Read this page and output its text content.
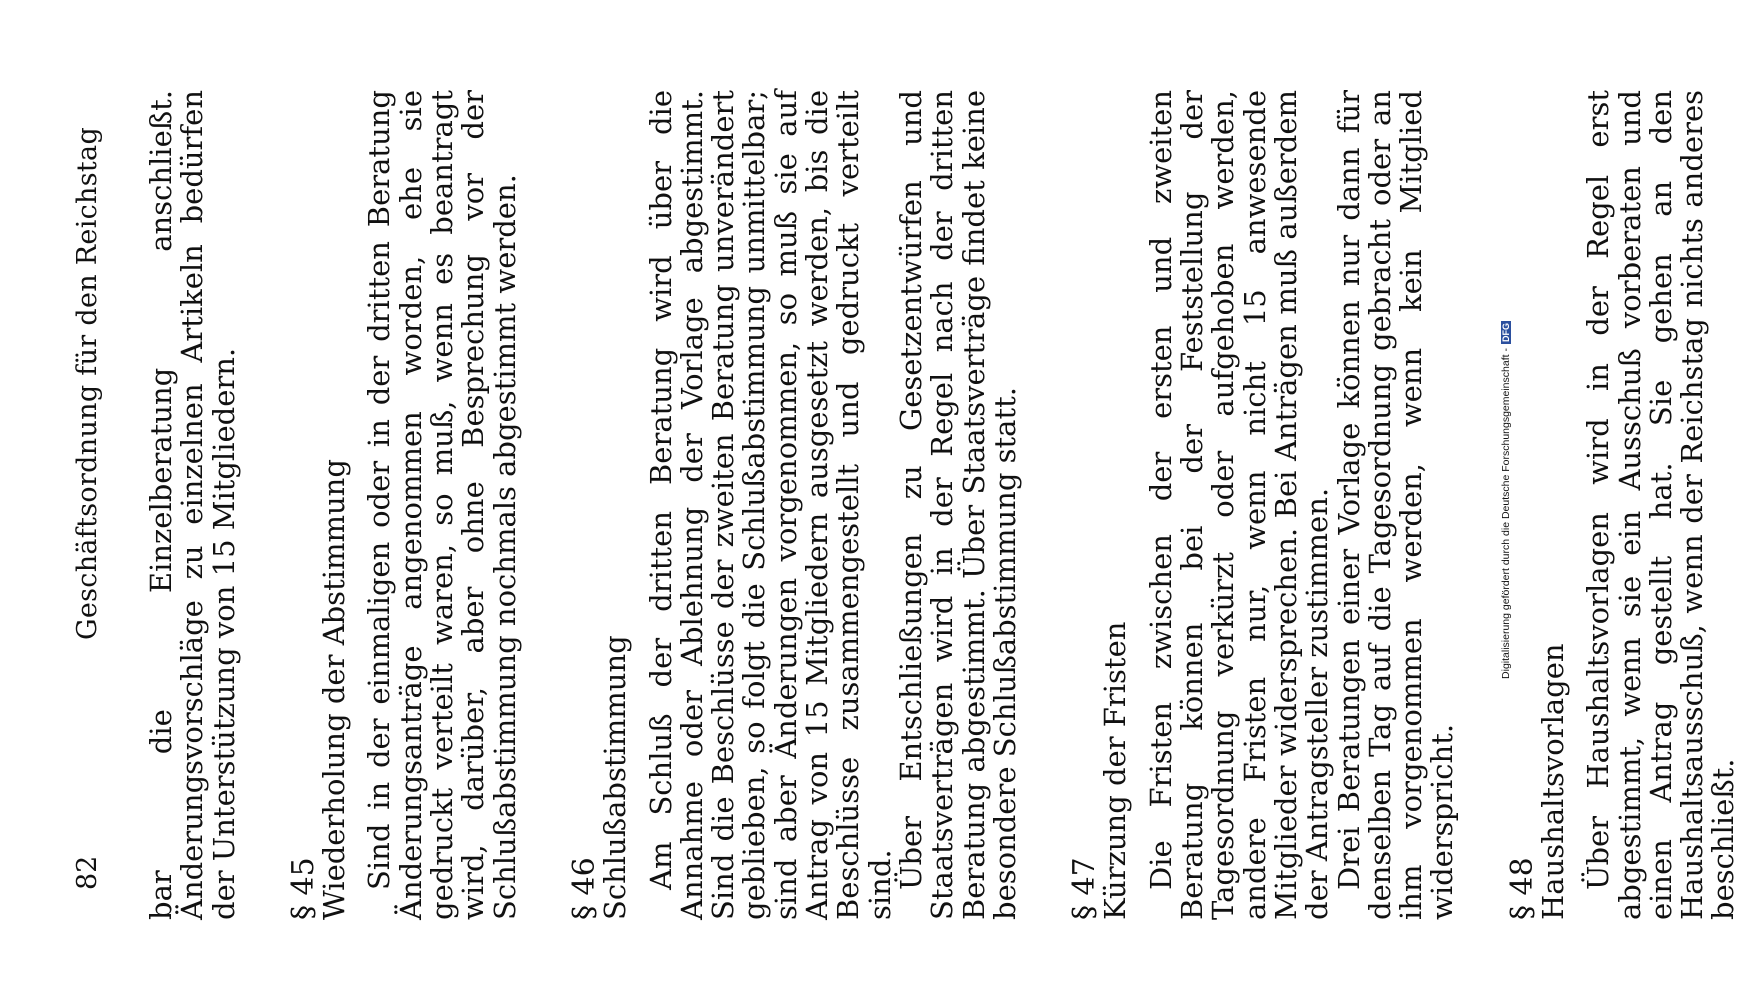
82
Geschäftsordnung für den Reichstag bar die Einzelberatung anschließt. Änderungsvorschläge zu einzelnen Artikeln bedürfen der Unterstützung von 15 Mitgliedern. § 45

Wiederholung der Abstimmung Sind in der einmaligen oder in der dritten Beratung Änderungsanträge angenommen worden, ehe sie gedruckt verteilt waren, so muß, wenn es beantragt wird, darüber, aber ohne Besprechung vor der Schlußabstimmung nochmals abgestimmt werden. § 46

Schlußabstimmung Am Schluß der dritten Beratung wird über die Annahme oder Ablehnung der Vorlage abgestimmt. Sind die Beschlüsse der zweiten Beratung unverändert geblieben, so folgt die Schlußabstimmung unmittelbar; sind aber Änderungen vorgenommen, so muß sie auf Antrag von 15 Mitgliedern ausgesetzt werden, bis die Beschlüsse zusammengestellt und gedruckt verteilt sind.

Über Entschließungen zu Gesetzentwürfen und Staatsverträgen wird in der Regel nach der dritten Beratung abgestimmt. Über Staatsverträge findet keine besondere Schlußabstimmung statt. § 47

Kürzung der Fristen Die Fristen zwischen der ersten und zweiten Beratung können bei der Feststellung der Tagesordnung verkürzt oder aufgehoben werden, andere Fristen nur, wenn nicht 15 anwesende Mitglieder widersprechen. Bei Anträgen muß außerdem der Antragsteller zustimmen.

Drei Beratungen einer Vorlage können nur dann für denselben Tag auf die Tagesordnung gebracht oder an ihm vorgenommen werden, wenn kein Mitglied widerspricht. § 48

Haushaltsvorlagen Über Haushaltsvorlagen wird in der Regel erst abgestimmt, wenn sie ein Ausschuß vorberaten und einen Antrag gestellt hat. Sie gehen an den Haushaltsausschuß, wenn der Reichstag nichts anderes beschließt.

Digitalisierung gefördert durch die Deutsche Forschungsgemeinschaft -DFG
